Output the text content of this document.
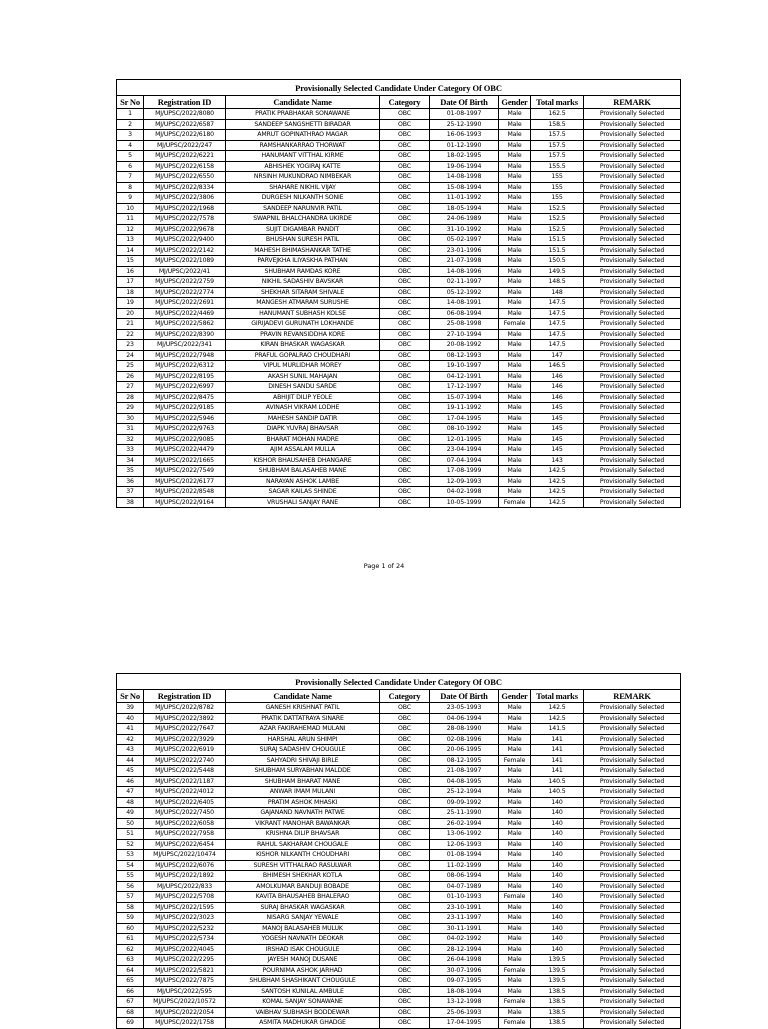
Provisionally Selected Candidate Under Category Of OBC							
Sr No	Registration ID	Candidate Name	Category	Date Of Birth	Gender	Total marks	REMARK
1	MJ/UPSC/2022/8080	PRATIK PRABHAKAR SONAWANE	OBC	01-08-1997	Male	162.5	Provisionally Selected
2	MJ/UPSC/2022/6587	SANDEEP SANGSHETTI BIRADAR	OBC	25-12-1990	Male	158.5	Provisionally Selected
3	MJ/UPSC/2022/6180	AMRUT GOPINATHRAO MAGAR	OBC	16-06-1993	Male	157.5	Provisionally Selected
4	MJ/UPSC/2022/247	RAMSHANKARRAO THORWAT	OBC	01-12-1990	Male	157.5	Provisionally Selected
5	MJ/UPSC/2022/6221	HANUMANT VITTHAL KIRME	OBC	18-02-1995	Male	157.5	Provisionally Selected
6	MJ/UPSC/2022/6158	ABHISHEK YOGIRAJ KATTE	OBC	19-06-1994	Male	155.5	Provisionally Selected
7	MJ/UPSC/2022/6550	NRSINH MUKUNDRAO NIMBEKAR	OBC	14-08-1998	Male	155	Provisionally Selected
8	MJ/UPSC/2022/8334	SHAHARE NIKHIL VIJAY	OBC	15-08-1994	Male	155	Provisionally Selected
9	MJ/UPSC/2022/3806	DURGESH NILKANTH SONIE	OBC	11-01-1992	Male	155	Provisionally Selected
10	MJ/UPSC/2022/1968	SANDEEP NARUNVIR PATIL	OBC	18-05-1994	Male	152.5	Provisionally Selected
11	MJ/UPSC/2022/7578	SWAPNIL BHALCHANDRA UKIRDE	OBC	24-06-1989	Male	152.5	Provisionally Selected
12	MJ/UPSC/2022/9678	SUJIT DIGAMBAR PANDIT	OBC	31-10-1992	Male	152.5	Provisionally Selected
13	MJ/UPSC/2022/9400	BHUSHAN SURESH PATIL	OBC	05-02-1997	Male	151.5	Provisionally Selected
14	MJ/UPSC/2022/2142	MAHESH BHIMASHANKAR TATHE	OBC	23-01-1996	Male	151.5	Provisionally Selected
15	MJ/UPSC/2022/1089	PARVEJKHA ILIYASKHA PATHAN	OBC	21-07-1998	Male	150.5	Provisionally Selected
16	MJ/UPSC/2022/41	SHUBHAM RAMDAS KORE	OBC	14-08-1996	Male	149.5	Provisionally Selected
17	MJ/UPSC/2022/2759	NIKHIL SADASHIV BAVSKAR	OBC	02-11-1997	Male	148.5	Provisionally Selected
18	MJ/UPSC/2022/2774	SHEKHAR SITARAM SHIVALE	OBC	05-12-1992	Male	148	Provisionally Selected
19	MJ/UPSC/2022/2691	MANGESH ATMARAM SURUSHE	OBC	14-08-1991	Male	147.5	Provisionally Selected
20	MJ/UPSC/2022/4469	HANUMANT SUBHASH KOLSE	OBC	06-08-1994	Male	147.5	Provisionally Selected
21	MJ/UPSC/2022/5862	GIRIJADEVI GURUNATH LOKHANDE	OBC	25-08-1998	Female	147.5	Provisionally Selected
22	MJ/UPSC/2022/8390	PRAVIN REVANSIDDHA KORE	OBC	27-10-1994	Male	147.5	Provisionally Selected
23	MJ/UPSC/2022/341	KIRAN BHASKAR WAGASKAR	OBC	20-08-1992	Male	147.5	Provisionally Selected
24	MJ/UPSC/2022/7948	PRAFUL GOPALRAO CHOUDHARI	OBC	08-12-1993	Male	147	Provisionally Selected
25	MJ/UPSC/2022/6312	VIPUL MURLIDHAR MOREY	OBC	19-10-1997	Male	146.5	Provisionally Selected
26	MJ/UPSC/2022/8195	AKASH SUNIL MAHAJAN	OBC	04-12-1991	Male	146	Provisionally Selected
27	MJ/UPSC/2022/6997	DINESH SANDU SARDE	OBC	17-12-1997	Male	146	Provisionally Selected
28	MJ/UPSC/2022/8475	ABHIJIT DILIP YEOLE	OBC	15-07-1994	Male	146	Provisionally Selected
29	MJ/UPSC/2022/9185	AVINASH VIKRAM LODHE	OBC	19-11-1992	Male	145	Provisionally Selected
30	MJ/UPSC/2022/5946	MAHESH SANDIP DATIR	OBC	17-04-1995	Male	145	Provisionally Selected
31	MJ/UPSC/2022/9763	DIAPK YUVRAJ BHAVSAR	OBC	08-10-1992	Male	145	Provisionally Selected
32	MJ/UPSC/2022/9085	BHARAT MOHAN MADRE	OBC	12-01-1995	Male	145	Provisionally Selected
33	MJ/UPSC/2022/4479	AJIM ASSALAM MULLA	OBC	23-04-1994	Male	145	Provisionally Selected
34	MJ/UPSC/2022/1665	KISHOR BHAUSAHEB DHANGARE	OBC	07-04-1994	Male	143	Provisionally Selected
35	MJ/UPSC/2022/7549	SHUBHAM BALASAHEB MANE	OBC	17-08-1999	Male	142.5	Provisionally Selected
36	MJ/UPSC/2022/6177	NARAYAN ASHOK LAMBE	OBC	12-09-1993	Male	142.5	Provisionally Selected
37	MJ/UPSC/2022/8548	SAGAR KAILAS SHINDE	OBC	04-02-1998	Male	142.5	Provisionally Selected
38	MJ/UPSC/2022/9164	VRUSHALI SANJAY RANE	OBC	10-05-1999	Female	142.5	Provisionally Selected
Page 1 of 24
Provisionally Selected Candidate Under Category Of OBC							
Sr No	Registration ID	Candidate Name	Category	Date Of Birth	Gender	Total marks	REMARK
39	MJ/UPSC/2022/8782	GANESH KRISHNAT PATIL	OBC	23-05-1993	Male	142.5	Provisionally Selected
40	MJ/UPSC/2022/3892	PRATIK DATTATRAYA SINARE	OBC	04-06-1994	Male	142.5	Provisionally Selected
41	MJ/UPSC/2022/7647	AZAR FAKIRAHEMAD MULANI	OBC	28-08-1990	Male	141.5	Provisionally Selected
42	MJ/UPSC/2022/3929	HARSHAL ARUN SHIMPI	OBC	02-08-1996	Male	141	Provisionally Selected
43	MJ/UPSC/2022/6919	SURAJ SADASHIV CHOUGULE	OBC	20-06-1995	Male	141	Provisionally Selected
44	MJ/UPSC/2022/2740	SAHYADRI SHIVAJI BIRLE	OBC	08-12-1995	Female	141	Provisionally Selected
45	MJ/UPSC/2022/5448	SHUBHAM SURYABHAN MALDDE	OBC	21-08-1997	Male	141	Provisionally Selected
46	MJ/UPSC/2022/1187	SHUBHAM BHARAT MANE	OBC	04-08-1995	Male	140.5	Provisionally Selected
47	MJ/UPSC/2022/4012	ANWAR IMAM MULANI	OBC	25-12-1994	Male	140.5	Provisionally Selected
48	MJ/UPSC/2022/6405	PRATIM ASHOK MHASKI	OBC	09-09-1992	Male	140	Provisionally Selected
49	MJ/UPSC/2022/7450	GAJANAND NAVNATH PATWE	OBC	25-11-1990	Male	140	Provisionally Selected
50	MJ/UPSC/2022/6058	VIKRANT MANOHAR BAWANKAR	OBC	26-02-1994	Male	140	Provisionally Selected
51	MJ/UPSC/2022/7958	KRISHNA DILIP BHAVSAR	OBC	13-06-1992	Male	140	Provisionally Selected
52	MJ/UPSC/2022/6454	RAHUL SAKHARAM CHOUGALE	OBC	12-06-1993	Male	140	Provisionally Selected
53	MJ/UPSC/2022/10474	KISHOR NILKANTH CHOUDHARI	OBC	01-08-1994	Male	140	Provisionally Selected
54	MJ/UPSC/2022/6076	SURESH VITTHALRAO RASULWAR	OBC	11-02-1999	Male	140	Provisionally Selected
55	MJ/UPSC/2022/1892	BHIMESH SHEKHAR KOTLA	OBC	08-06-1994	Male	140	Provisionally Selected
56	MJ/UPSC/2022/833	AMOLKUMAR BANDUJI BOBADE	OBC	04-07-1989	Male	140	Provisionally Selected
57	MJ/UPSC/2022/5708	KAVITA BHAUSAHEB BHALERAO	OBC	01-10-1993	Female	140	Provisionally Selected
58	MJ/UPSC/2022/1595	SURAJ BHASKAR WAGASKAR	OBC	23-10-1991	Male	140	Provisionally Selected
59	MJ/UPSC/2022/3023	NISARG SANJAY YEWALE	OBC	23-11-1997	Male	140	Provisionally Selected
60	MJ/UPSC/2022/5232	MANOJ BALASAHEB MULUK	OBC	30-11-1991	Male	140	Provisionally Selected
61	MJ/UPSC/2022/5734	YOGESH NAVNATH DEOKAR	OBC	04-02-1992	Male	140	Provisionally Selected
62	MJ/UPSC/2022/4045	IRSHAD ISAK CHOUGULE	OBC	28-12-1994	Male	140	Provisionally Selected
63	MJ/UPSC/2022/2295	JAYESH MANOJ DUSANE	OBC	26-04-1998	Male	139.5	Provisionally Selected
64	MJ/UPSC/2022/5821	POURNIMA ASHOK JARHAD	OBC	30-07-1996	Female	139.5	Provisionally Selected
65	MJ/UPSC/2022/7875	SHUBHAM SHASHIKANT CHOUGULE	OBC	09-07-1995	Male	139.5	Provisionally Selected
66	MJ/UPSC/2022/595	SANTOSH KUNILAL AMBULE	OBC	18-08-1994	Male	138.5	Provisionally Selected
67	MJ/UPSC/2022/10572	KOMAL SANJAY SONAWANE	OBC	13-12-1998	Female	138.5	Provisionally Selected
68	MJ/UPSC/2022/2054	VAIBHAV SUBHASH BODDEWAR	OBC	25-06-1993	Male	138.5	Provisionally Selected
69	MJ/UPSC/2022/1758	ASMITA MADHUKAR GHADGE	OBC	17-04-1995	Female	138.5	Provisionally Selected
